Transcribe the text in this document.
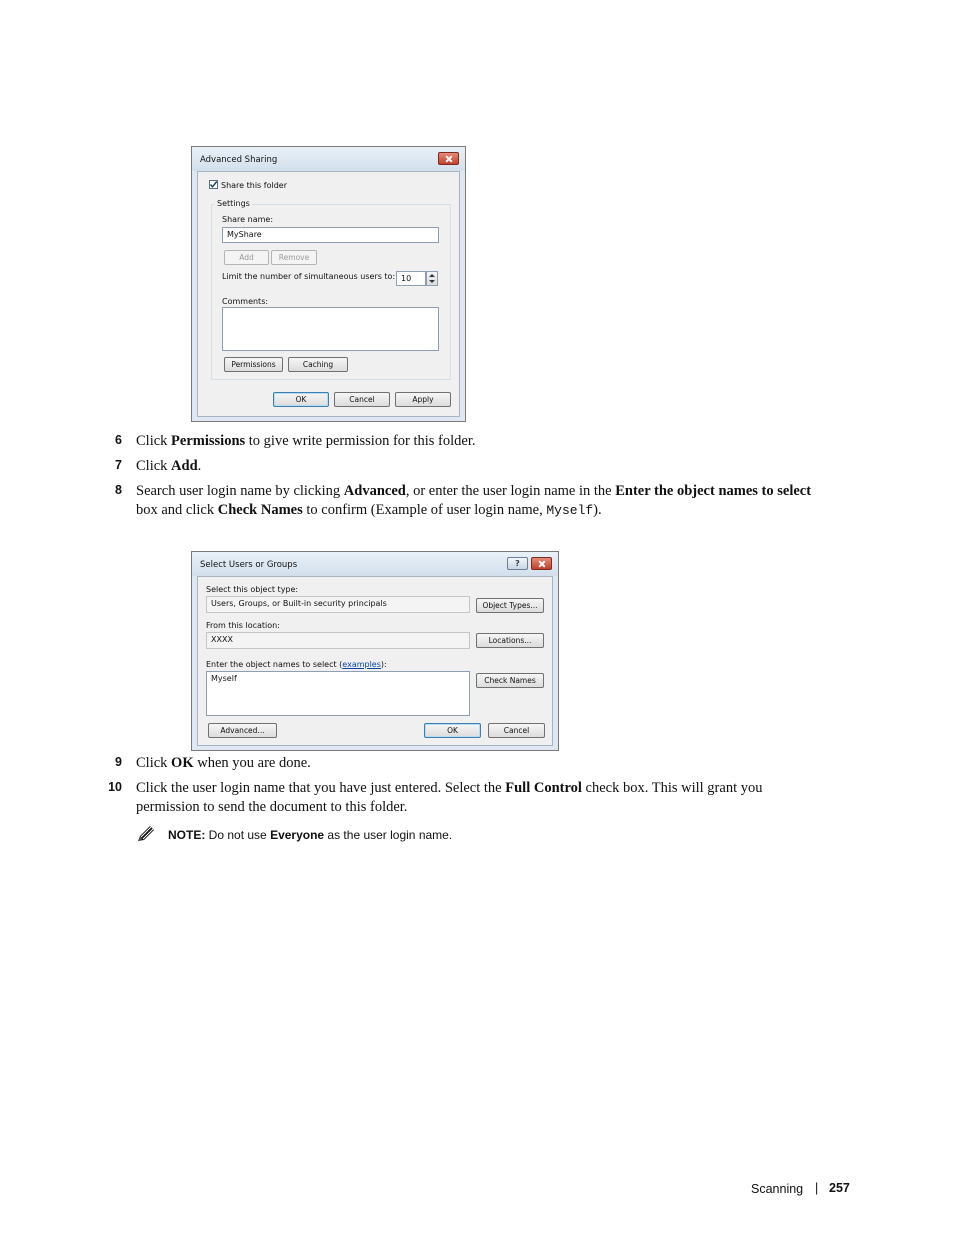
Advanced Sharing
Share this folder
Settings
Share name:
MyShare
Add	Remove
Limit the number of simultaneous users to: 10
Comments:
Permissions	Caching
OK	Cancel	Apply
6 Click Permissions to give write permission for this folder.
7 Click Add.
8 Search user login name by clicking Advanced, or enter the user login name in the Enter the object names to select
box and click Check Names to confirm (Example of user login name, Myself).
Select Users or Groups	?
Select this object type:
Users, Groups, or Built-in security principals	Object Types...
From this location:
XXXX	Locations...
Enter the object names to select (examples):
Myself	Check Names
Advanced...	OK	Cancel
9 Click OK when you are done.
10 Click the user login name that you have just entered. Select the Full Control check box. This will grant you
permission to send the document to this folder.
NOTE: Do not use Everyone as the user login name.
Scanning | 257
